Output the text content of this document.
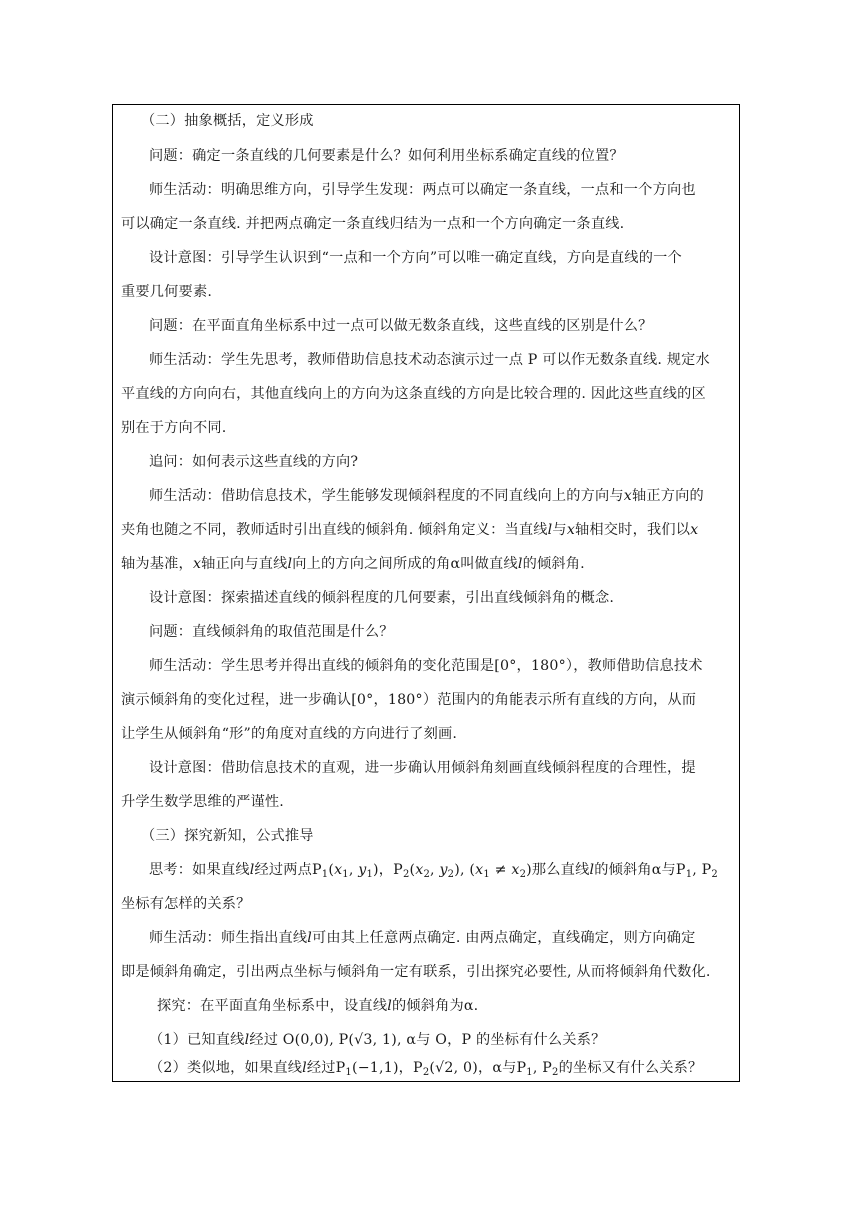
（二）抽象概括，定义形成
问题：确定一条直线的几何要素是什么？如何利用坐标系确定直线的位置？
师生活动：明确思维方向，引导学生发现：两点可以确定一条直线，一点和一个方向也
可以确定一条直线. 并把两点确定一条直线归结为一点和一个方向确定一条直线.
设计意图：引导学生认识到“一点和一个方向”可以唯一确定直线，方向是直线的一个
重要几何要素.
问题：在平面直角坐标系中过一点可以做无数条直线，这些直线的区别是什么？
师生活动：学生先思考，教师借助信息技术动态演示过一点 P 可以作无数条直线. 规定水
平直线的方向向右，其他直线向上的方向为这条直线的方向是比较合理的. 因此这些直线的区
别在于方向不同.
追问：如何表示这些直线的方向?
师生活动：借助信息技术，学生能够发现倾斜程度的不同直线向上的方向与x轴正方向的
夹角也随之不同，教师适时引出直线的倾斜角. 倾斜角定义：当直线l与x轴相交时，我们以x
轴为基准，x轴正向与直线l向上的方向之间所成的角α叫做直线l的倾斜角.
设计意图：探索描述直线的倾斜程度的几何要素，引出直线倾斜角的概念.
问题：直线倾斜角的取值范围是什么？
师生活动：学生思考并得出直线的倾斜角的变化范围是[0°，180°），教师借助信息技术
演示倾斜角的变化过程，进一步确认[0°，180°）范围内的角能表示所有直线的方向，从而
让学生从倾斜角“形”的角度对直线的方向进行了刻画.
设计意图：借助信息技术的直观，进一步确认用倾斜角刻画直线倾斜程度的合理性，提
升学生数学思维的严谨性.
（三）探究新知，公式推导
思考：如果直线l经过两点$P_1(x_1$, $y_1$)，$P_2(x_2$, $y_2$), $(x_1 \ne x_2)$那么直线l的倾斜角α与$P_1$, $P_2$
坐标有怎样的关系？
师生活动：师生指出直线l可由其上任意两点确定. 由两点确定，直线确定，则方向确定
即是倾斜角确定，引出两点坐标与倾斜角一定有联系，引出探究必要性, 从而将倾斜角代数化.
探究：在平面直角坐标系中，设直线l的倾斜角为α.
（1）已知直线l经过 O(0,0), P(√3, 1), α与 O，P 的坐标有什么关系？
（2）类似地，如果直线l经过$P_1(-1,1)$，$P_2(√2$, 0)，α与$P_1$, $P_2$的坐标又有什么关系？
